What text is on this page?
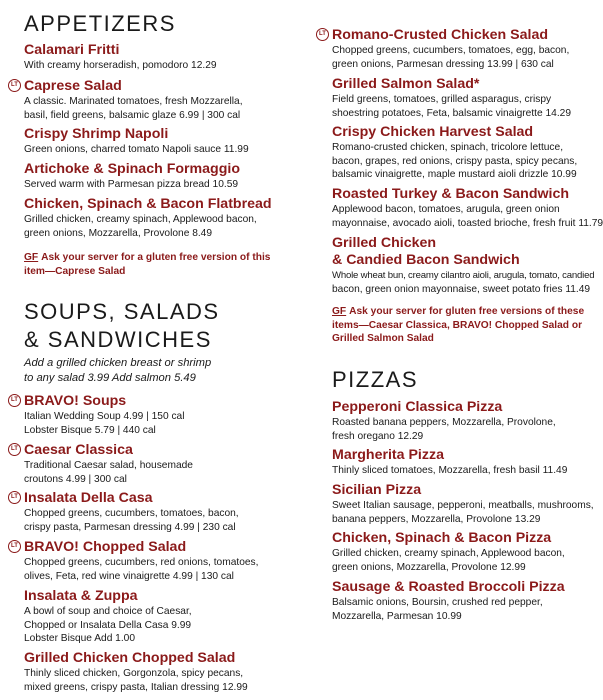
APPETIZERS
Calamari Fritti
With creamy horseradish, pomodoro 12.29
LT Caprese Salad
A classic. Marinated tomatoes, fresh Mozzarella,
basil, field greens, balsamic glaze 6.99 | 300 cal
Crispy Shrimp Napoli
Green onions, charred tomato Napoli sauce 11.99
Artichoke & Spinach Formaggio
Served warm with Parmesan pizza bread 10.59
Chicken, Spinach & Bacon Flatbread
Grilled chicken, creamy spinach, Applewood bacon,
green onions, Mozzarella, Provolone 8.49
GF Ask your server for a gluten free version of this
item—Caprese Salad
SOUPS, SALADS
& SANDWICHES
Add a grilled chicken breast or shrimp
to any salad 3.99 Add salmon 5.49
LT BRAVO! Soups
Italian Wedding Soup 4.99 | 150 cal
Lobster Bisque 5.79 | 440 cal
LT Caesar Classica
Traditional Caesar salad, housemade
croutons 4.99 | 300 cal
LT Insalata Della Casa
Chopped greens, cucumbers, tomatoes, bacon,
crispy pasta, Parmesan dressing 4.99 | 230 cal
LT BRAVO! Chopped Salad
Chopped greens, cucumbers, red onions, tomatoes,
olives, Feta, red wine vinaigrette 4.99 | 130 cal
Insalata & Zuppa
A bowl of soup and choice of Caesar,
Chopped or Insalata Della Casa 9.99
Lobster Bisque Add 1.00
Grilled Chicken Chopped Salad
Thinly sliced chicken, Gorgonzola, spicy pecans,
mixed greens, crispy pasta, Italian dressing 12.99
LT Romano-Crusted Chicken Salad
Chopped greens, cucumbers, tomatoes, egg, bacon,
green onions, Parmesan dressing 13.99 | 630 cal
Grilled Salmon Salad*
Field greens, tomatoes, grilled asparagus, crispy
shoestring potatoes, Feta, balsamic vinaigrette 14.29
Crispy Chicken Harvest Salad
Romano-crusted chicken, spinach, tricolore lettuce,
bacon, grapes, red onions, crispy pasta, spicy pecans,
balsamic vinaigrette, maple mustard aioli drizzle 10.99
Roasted Turkey & Bacon Sandwich
Applewood bacon, tomatoes, arugula, green onion
mayonnaise, avocado aioli, toasted brioche, fresh fruit 11.79
Grilled Chicken
& Candied Bacon Sandwich
Whole wheat bun, creamy cilantro aioli, arugula, tomato, candied
bacon, green onion mayonnaise, sweet potato fries 11.49
GF Ask your server for gluten free versions of these
items—Caesar Classica, BRAVO! Chopped Salad or
Grilled Salmon Salad
PIZZAS
Pepperoni Classica Pizza
Roasted banana peppers, Mozzarella, Provolone,
fresh oregano 12.29
Margherita Pizza
Thinly sliced tomatoes, Mozzarella, fresh basil 11.49
Sicilian Pizza
Sweet Italian sausage, pepperoni, meatballs, mushrooms,
banana peppers, Mozzarella, Provolone 13.29
Chicken, Spinach & Bacon Pizza
Grilled chicken, creamy spinach, Applewood bacon,
green onions, Mozzarella, Provolone 12.99
Sausage & Roasted Broccoli Pizza
Balsamic onions, Boursin, crushed red pepper,
Mozzarella, Parmesan 10.99
